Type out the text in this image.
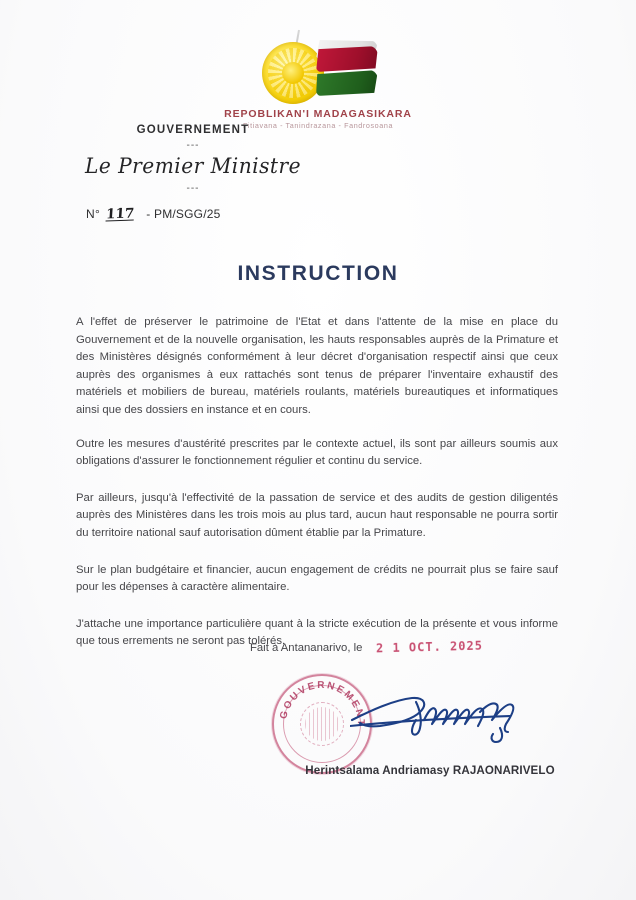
REPOBLIKAN'I MADAGASIKARA
Fitiavana - Tanindrazana - Fandrosoana
GOUVERNEMENT
---
Le Premier Ministre
---
N° 117 - PM/SGG/25
INSTRUCTION

A l'effet de préserver le patrimoine de l'Etat et dans l'attente de la mise en place du Gouvernement et de la nouvelle organisation, les hauts responsables auprès de la Primature et des Ministères désignés conformément à leur décret d'organisation respectif ainsi que ceux auprès des organismes à eux rattachés sont tenus de préparer l'inventaire exhaustif des matériels et mobiliers de bureau, matériels roulants, matériels bureautiques et informatiques ainsi que des dossiers en instance et en cours.

Outre les mesures d'austérité prescrites par le contexte actuel, ils sont par ailleurs soumis aux obligations d'assurer le fonctionnement régulier et continu du service.

Par ailleurs, jusqu'à l'effectivité de la passation de service et des audits de gestion diligentés auprès des Ministères dans les trois mois au plus tard, aucun haut responsable ne pourra sortir du territoire national sauf autorisation dûment établie par la Primature.

Sur le plan budgétaire et financier, aucun engagement de crédits ne pourrait plus se faire sauf pour les dépenses à caractère alimentaire.

J'attache une importance particulière quant à la stricte exécution de la présente et vous informe que tous errements ne seront pas tolérés.

Fait à Antananarivo, le 2 1 OCT. 2025
GOUVERNEMENT
Herintsalama Andriamasy RAJAONARIVELO
